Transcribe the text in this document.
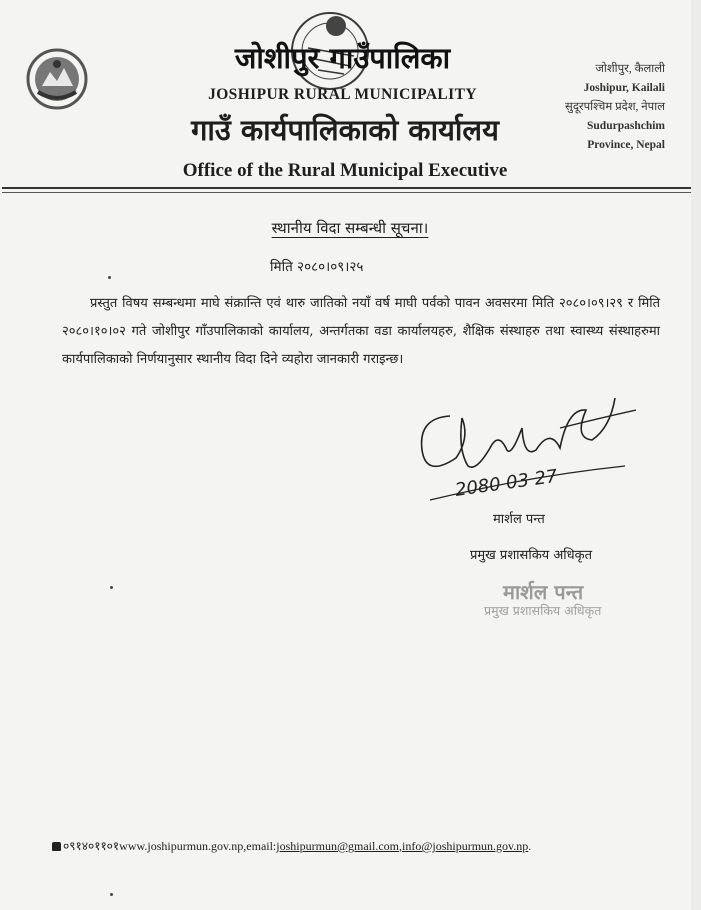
जोशीपुर गाउँपालिका
JOSHIPUR RURAL MUNICIPALITY
गाउँ कार्यपालिकाको कार्यालय
Office of the Rural Municipal Executive
जोशीपुर, कैलाली
Joshipur, Kailali
सुदूरपश्चिम प्रदेश, नेपाल
Sudurpashchim
Province, Nepal
स्थानीय विदा सम्बन्धी सूचना।
मिति २०८०।०९।२५
प्रस्तुत विषय सम्बन्धमा माघे संक्रान्ति एवं थारु जातिको नयाँ वर्ष माघी पर्वको पावन अवसरमा मिति २०८०।०९।२९ र मिति २०८०।१०।०२ गते जोशीपुर गाँउपालिकाको कार्यालय, अन्तर्गतका वडा कार्यालयहरु, शैक्षिक संस्थाहरु तथा स्वास्थ्य संस्थाहरुमा कार्यपालिकाको निर्णयानुसार स्थानीय विदा दिने व्यहोरा जानकारी गराइन्छ।
2080 03 27
मार्शल पन्त
प्रमुख प्रशासकिय अधिकृत
मार्शल पन्त
प्रमुख प्रशासकिय अधिकृत
०९१४०११०१www.joshipurmun.gov.np,email:joshipurmun@gmail.com,info@joshipurmun.gov.np.
